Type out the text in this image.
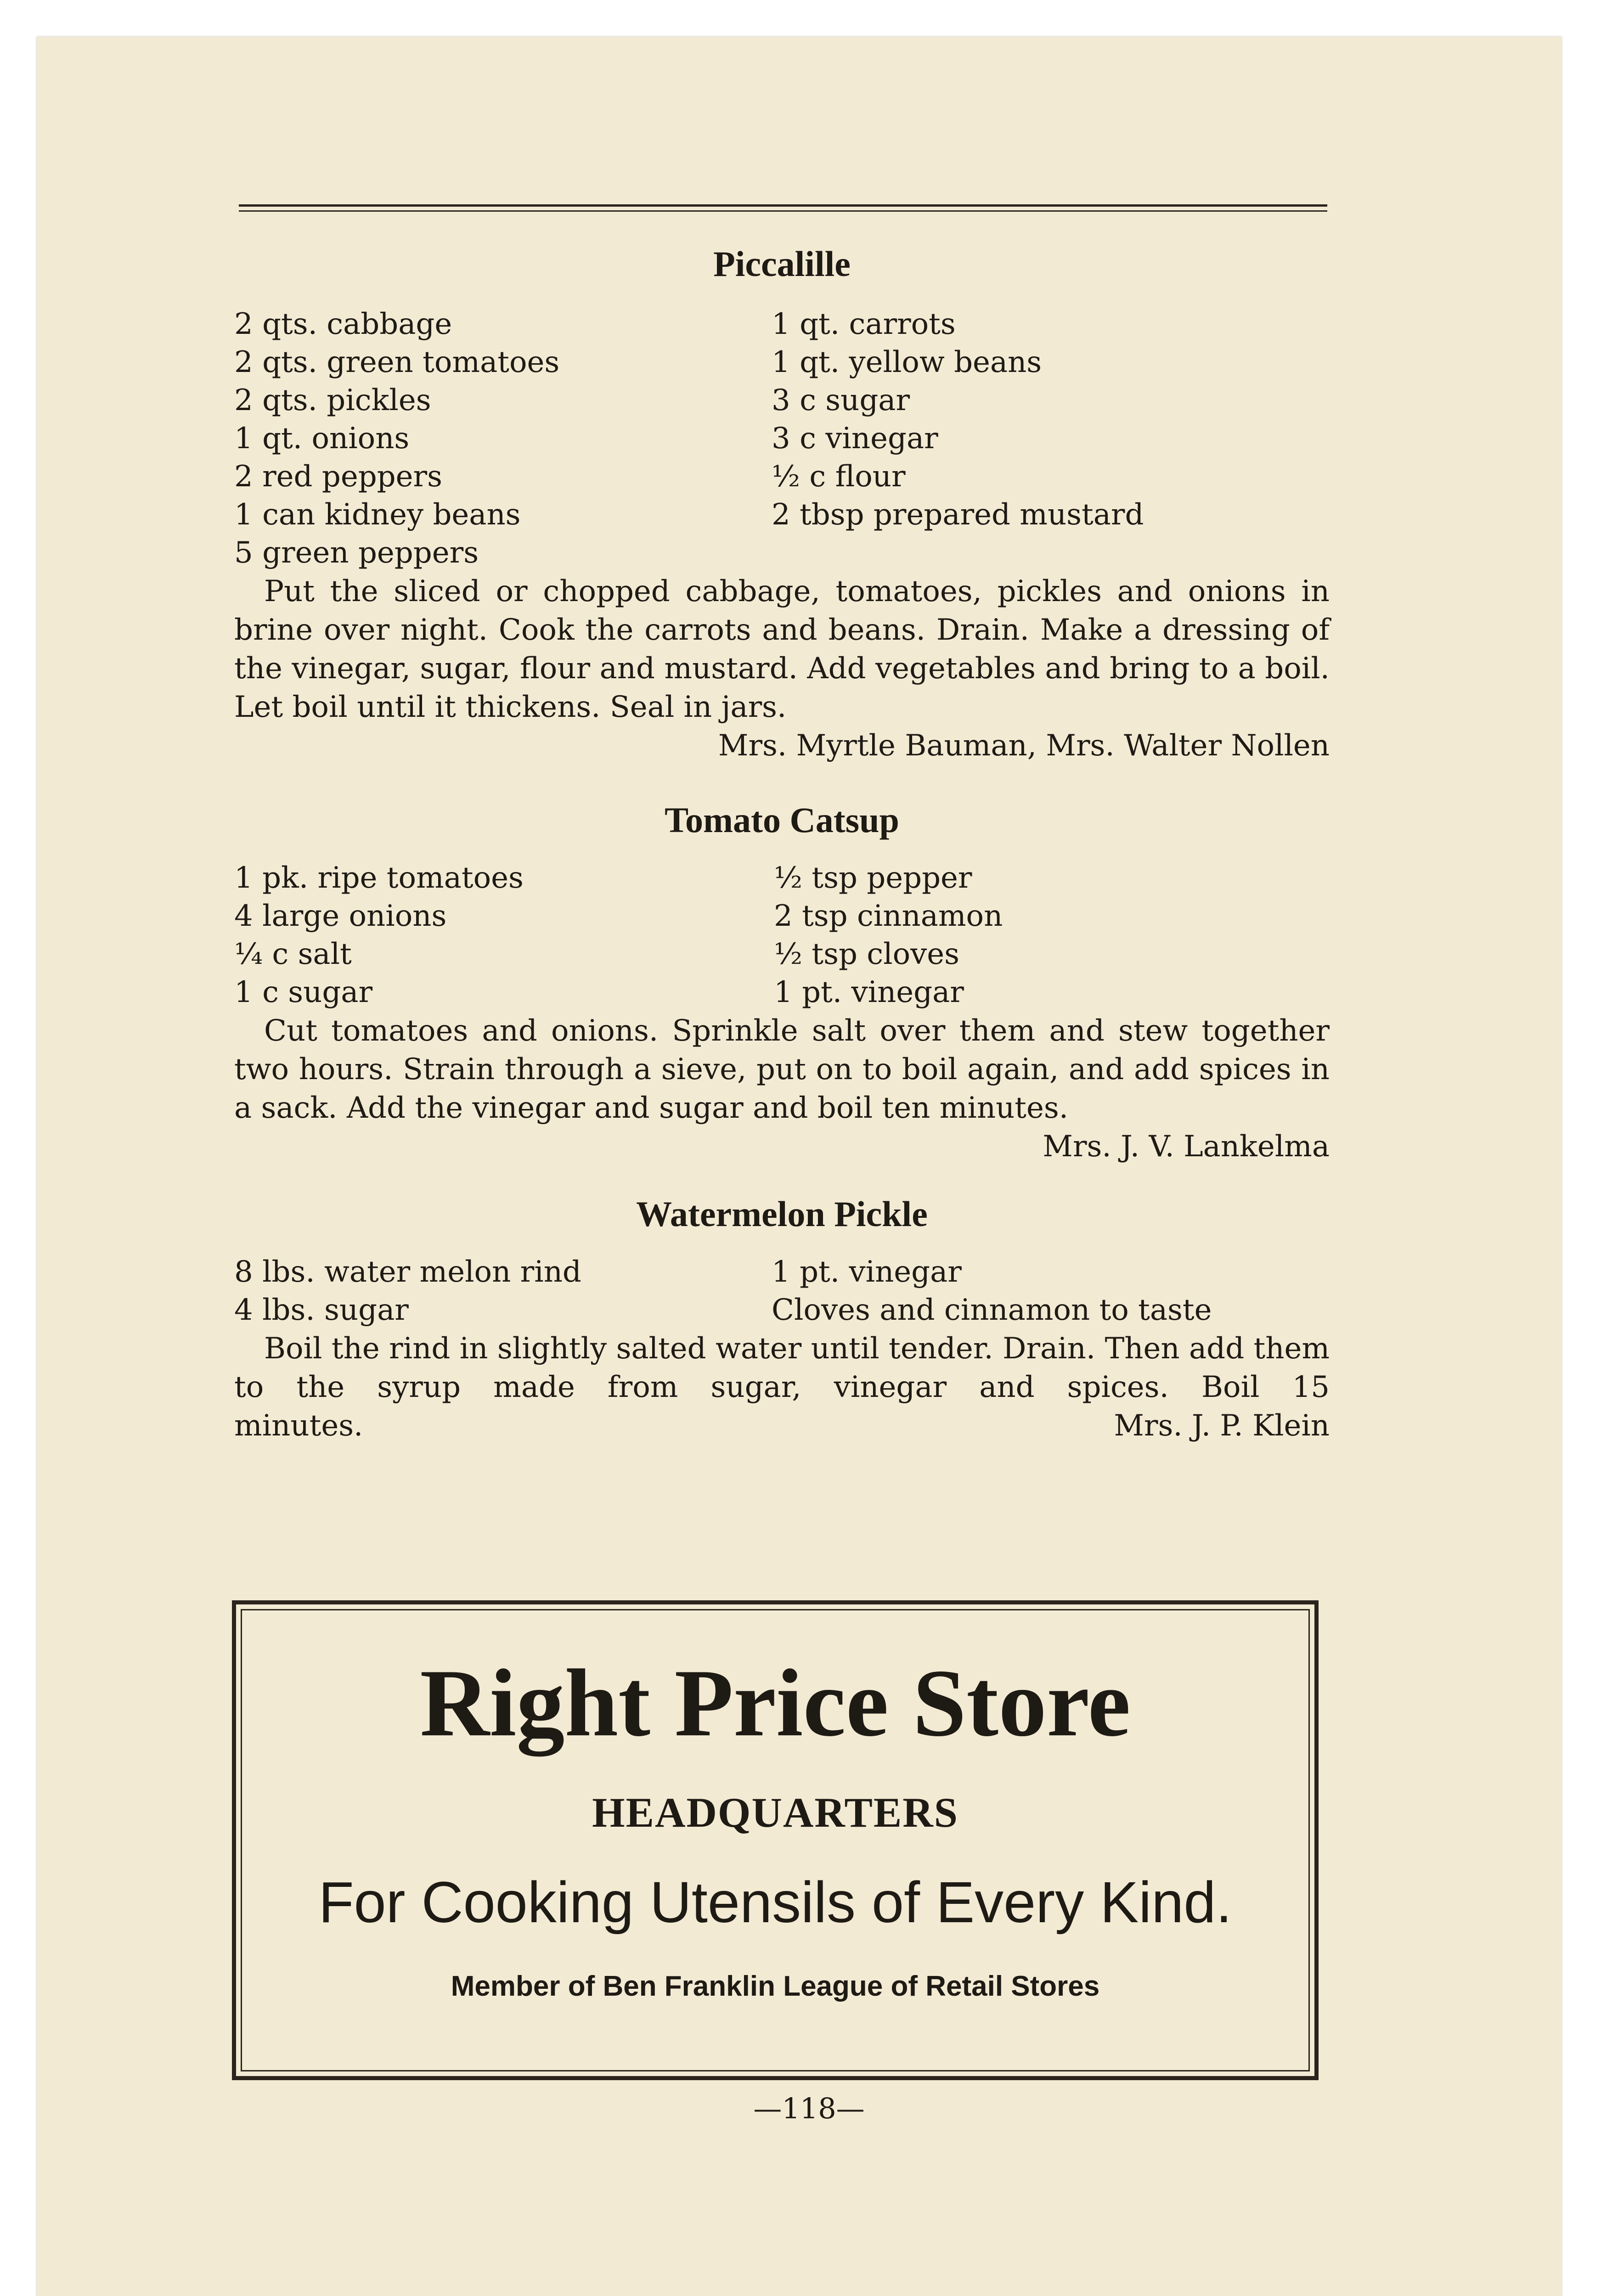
Piccalille
2 qts. cabbage	1 qt. carrots
2 qts. green tomatoes	1 qt. yellow beans
2 qts. pickles	3 c sugar
1 qt. onions	3 c vinegar
2 red peppers	½ c flour
1 can kidney beans	2 tbsp prepared mustard
5 green peppers

Put the sliced or chopped cabbage, tomatoes, pickles and onions in brine over night. Cook the carrots and beans. Drain. Make a dressing of the vinegar, sugar, flour and mustard. Add vegetables and bring to a boil. Let boil until it thickens. Seal in jars.

Mrs. Myrtle Bauman, Mrs. Walter Nollen
Tomato Catsup
1 pk. ripe tomatoes	½ tsp pepper
4 large onions	2 tsp cinnamon
¼ c salt	½ tsp cloves
1 c sugar	1 pt. vinegar

Cut tomatoes and onions. Sprinkle salt over them and stew together two hours. Strain through a sieve, put on to boil again, and add spices in a sack. Add the vinegar and sugar and boil ten minutes.

Mrs. J. V. Lankelma
Watermelon Pickle
8 lbs. water melon rind	1 pt. vinegar
4 lbs. sugar	Cloves and cinnamon to taste

Boil the rind in slightly salted water until tender. Drain. Then add them to the syrup made from sugar, vinegar and spices. Boil 15

minutes.	Mrs. J. P. Klein
Right Price Store
HEADQUARTERS
For Cooking Utensils of Every Kind.
Member of Ben Franklin League of Retail Stores
—118—
